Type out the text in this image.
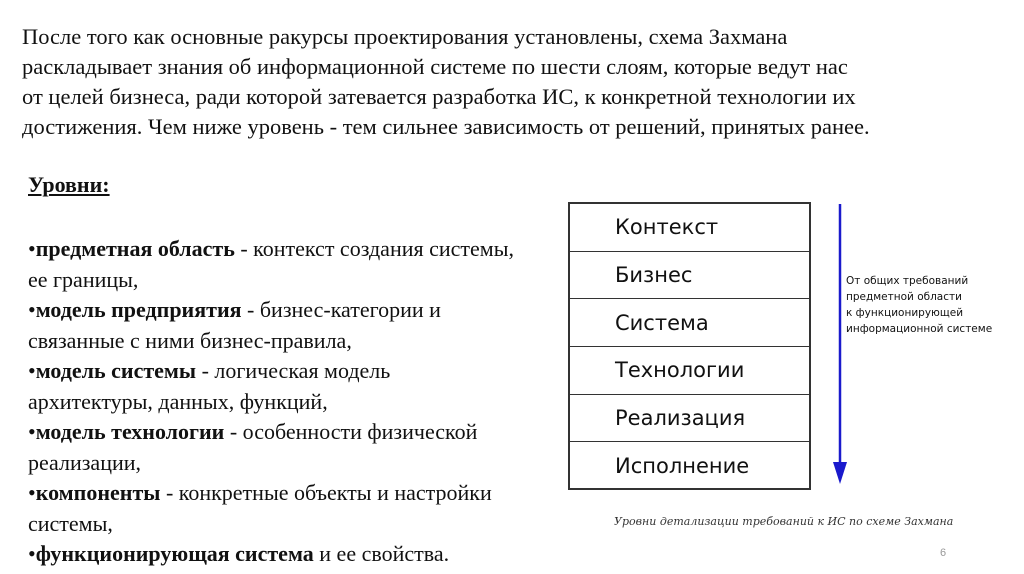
После того как основные ракурсы проектирования установлены, схема Захмана
раскладывает знания об информационной системе по шести слоям, которые ведут нас
от целей бизнеса, ради которой затевается разработка ИС, к конкретной технологии их
достижения. Чем ниже уровень - тем сильнее зависимость от решений, принятых ранее.
Уровни:
•предметная область - контекст создания системы, ее границы,
•модель предприятия - бизнес-категории и связанные с ними бизнес-правила,
•модель системы - логическая модель архитектуры, данных, функций,
•модель технологии - особенности физической реализации,
•компоненты - конкретные объекты и настройки системы,
•функционирующая система и ее свойства.
Контекст
Бизнес
Система
Технологии
Реализация
Исполнение
От общих требований
предметной области
к функционирующей
информационной системе
Уровни детализации требований к ИС по схеме Захмана
6
